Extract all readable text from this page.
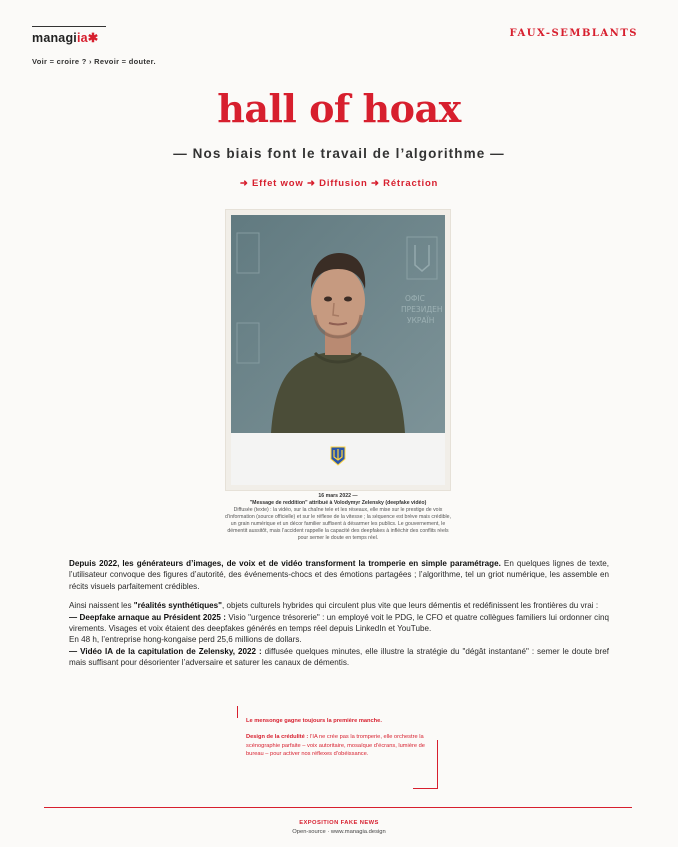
managiia✱
Voir = croire ? › Revoir = douter.
FAUX-SEMBLANTS
hall of hoax
— Nos biais font le travail de l’algorithme —
➜ Effet wow ➜ Diffusion ➜ Rétraction
ОФІС
ПРЕЗИДЕН
УКРАЇН
16 mars 2022 —
"Message de reddition" attribué à Volodymyr Zelensky (deepfake vidéo)
Diffusée (texte) : la vidéo, sur la chaîne tele et les réseaux, elle mise sur le prestige de voix d’information (source officielle) et sur le réflexe de la vitesse ; la séquence est brève mais crédible, un grain numérique et un décor familier suffisent à désarmer les publics. Le gouvernement, le démentit aussitôt, mais l’accident rappelle la capacité des deepfakes à infléchir des conflits réels pour semer le doute en temps réel.

Depuis 2022, les générateurs d’images, de voix et de vidéo transforment la tromperie en simple paramétrage. En quelques lignes de texte, l’utilisateur convoque des figures d’autorité, des événements-chocs et des émotions partagées ; l’algorithme, tel un griot numérique, les assemble en récits visuels parfaitement crédibles.

Ainsi naissent les "réalités synthétiques", objets culturels hybrides qui circulent plus vite que leurs démentis et redéfinissent les frontières du vrai :
— Deepfake arnaque au Président 2025 : Visio "urgence trésorerie" : un employé voit le PDG, le CFO et quatre collègues familiers lui ordonner cinq virements. Visages et voix étaient des deepfakes générés en temps réel depuis LinkedIn et YouTube.
En 48 h, l’entreprise hong-kongaise perd 25,6 millions de dollars.
— Vidéo IA de la capitulation de Zelensky, 2022 : diffusée quelques minutes, elle illustre la stratégie du "dégât instantané" : semer le doute bref mais suffisant pour désorienter l’adversaire et saturer les canaux de démentis.

Le mensonge gagne toujours la première manche.
Design de la crédulité : l’IA ne crée pas la tromperie, elle orchestre la scénographie parfaite – voix autoritaire, mosaïque d’écrans, lumière de bureau – pour activer nos réflexes d’obéissance.
EXPOSITION FAKE NEWS
Open-source · www.managia.design
